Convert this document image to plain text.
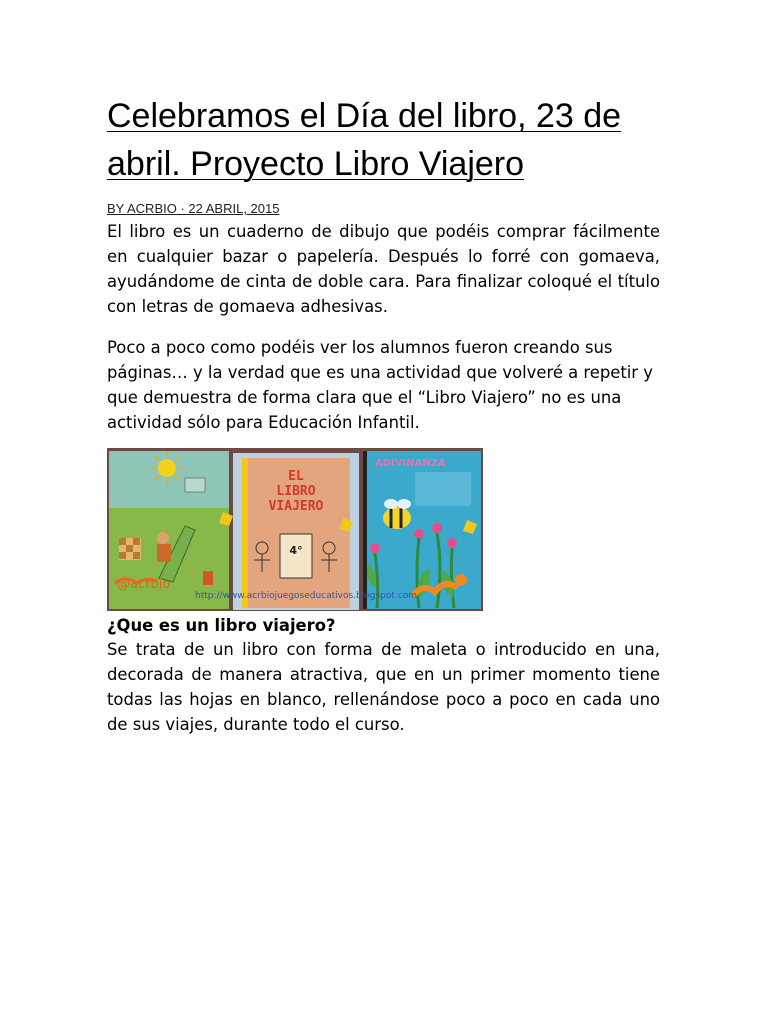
Celebramos el Día del libro, 23 de abril. Proyecto Libro Viajero
BY ACRBIO · 22 ABRIL, 2015

El libro es un cuaderno de dibujo que podéis comprar fácilmente en cualquier bazar o papelería. Después lo forré con gomaeva, ayudándome de cinta de doble cara. Para finalizar coloqué el título con letras de gomaeva adhesivas.

Poco a poco como podéis ver los alumnos fueron creando sus páginas… y la verdad que es una actividad que volveré a repetir y que demuestra de forma clara que el “Libro Viajero” no es una actividad sólo para Educación Infantil.

@acrbio
EL
LIBRO
VIAJERO
4°
ADIVINANZA
http://www.acrbiojuegoseducativos.blogspot.com
¿Que es un libro viajero?

Se trata de un libro con forma de maleta o introducido en una, decorada de manera atractiva, que en un primer momento tiene todas las hojas en blanco, rellenándose poco a poco en cada uno de sus viajes, durante todo el curso.
